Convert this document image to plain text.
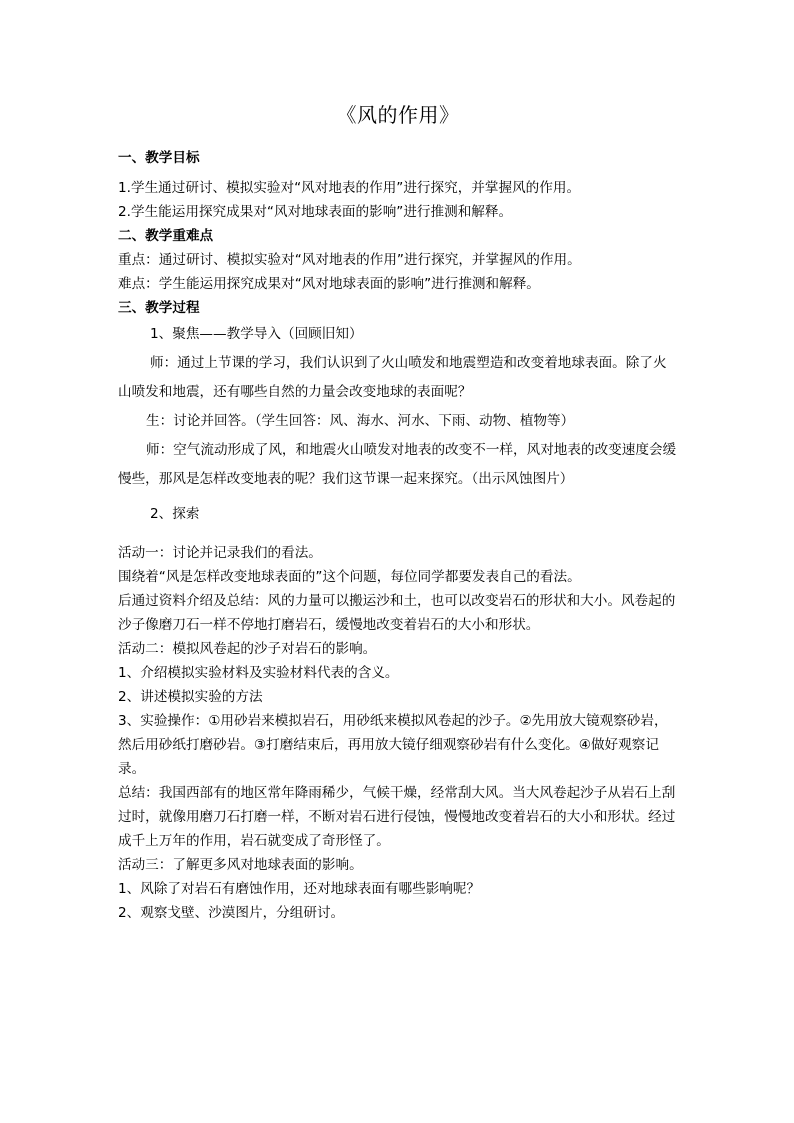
《风的作用》

一、教学目标

1.学生通过研讨、模拟实验对“风对地表的作用”进行探究，并掌握风的作用。

2.学生能运用探究成果对“风对地球表面的影响”进行推测和解释。

二、教学重难点

重点：通过研讨、模拟实验对“风对地表的作用”进行探究，并掌握风的作用。

难点：学生能运用探究成果对“风对地球表面的影响”进行推测和解释。

三、教学过程

1、聚焦——教学导入（回顾旧知）

师：通过上节课的学习，我们认识到了火山喷发和地震塑造和改变着地球表面。除了火山喷发和地震，还有哪些自然的力量会改变地球的表面呢？

生：讨论并回答。（学生回答：风、海水、河水、下雨、动物、植物等）

师：空气流动形成了风，和地震火山喷发对地表的改变不一样，风对地表的改变速度会缓慢些，那风是怎样改变地表的呢？我们这节课一起来探究。（出示风蚀图片）

2、探索

活动一：讨论并记录我们的看法。

围绕着“风是怎样改变地球表面的”这个问题，每位同学都要发表自己的看法。

后通过资料介绍及总结：风的力量可以搬运沙和土，也可以改变岩石的形状和大小。风卷起的沙子像磨刀石一样不停地打磨岩石，缓慢地改变着岩石的大小和形状。

活动二：模拟风卷起的沙子对岩石的影响。

1、介绍模拟实验材料及实验材料代表的含义。

2、讲述模拟实验的方法

3、实验操作：①用砂岩来模拟岩石，用砂纸来模拟风卷起的沙子。②先用放大镜观察砂岩，然后用砂纸打磨砂岩。③打磨结束后，再用放大镜仔细观察砂岩有什么变化。④做好观察记录。

总结：我国西部有的地区常年降雨稀少，气候干燥，经常刮大风。当大风卷起沙子从岩石上刮过时，就像用磨刀石打磨一样，不断对岩石进行侵蚀，慢慢地改变着岩石的大小和形状。经过成千上万年的作用，岩石就变成了奇形怪了。

活动三：了解更多风对地球表面的影响。

1、风除了对岩石有磨蚀作用，还对地球表面有哪些影响呢？

2、观察戈壁、沙漠图片，分组研讨。
